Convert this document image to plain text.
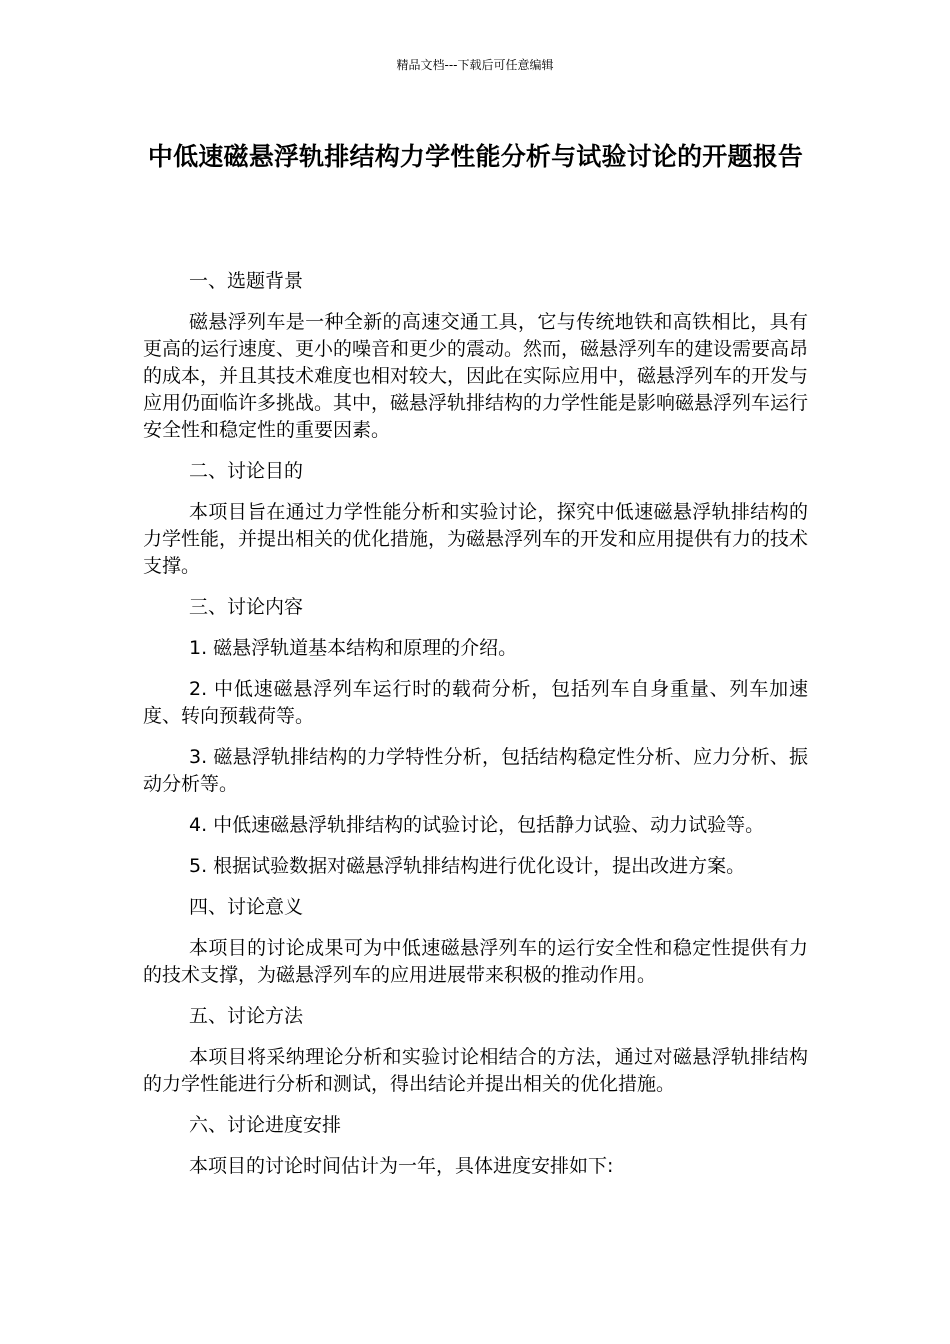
精品文档---下载后可任意编辑
中低速磁悬浮轨排结构力学性能分析与试验讨论的开题报告

一、选题背景

磁悬浮列车是一种全新的高速交通工具，它与传统地铁和高铁相比，具有更高的运行速度、更小的噪音和更少的震动。然而，磁悬浮列车的建设需要高昂的成本，并且其技术难度也相对较大，因此在实际应用中，磁悬浮列车的开发与应用仍面临许多挑战。其中，磁悬浮轨排结构的力学性能是影响磁悬浮列车运行安全性和稳定性的重要因素。

二、讨论目的

本项目旨在通过力学性能分析和实验讨论，探究中低速磁悬浮轨排结构的力学性能，并提出相关的优化措施，为磁悬浮列车的开发和应用提供有力的技术支撑。

三、讨论内容

1. 磁悬浮轨道基本结构和原理的介绍。

2. 中低速磁悬浮列车运行时的载荷分析，包括列车自身重量、列车加速度、转向预载荷等。

3. 磁悬浮轨排结构的力学特性分析，包括结构稳定性分析、应力分析、振动分析等。

4. 中低速磁悬浮轨排结构的试验讨论，包括静力试验、动力试验等。

5. 根据试验数据对磁悬浮轨排结构进行优化设计，提出改进方案。

四、讨论意义

本项目的讨论成果可为中低速磁悬浮列车的运行安全性和稳定性提供有力的技术支撑，为磁悬浮列车的应用进展带来积极的推动作用。

五、讨论方法

本项目将采纳理论分析和实验讨论相结合的方法，通过对磁悬浮轨排结构的力学性能进行分析和测试，得出结论并提出相关的优化措施。

六、讨论进度安排

本项目的讨论时间估计为一年，具体进度安排如下:
